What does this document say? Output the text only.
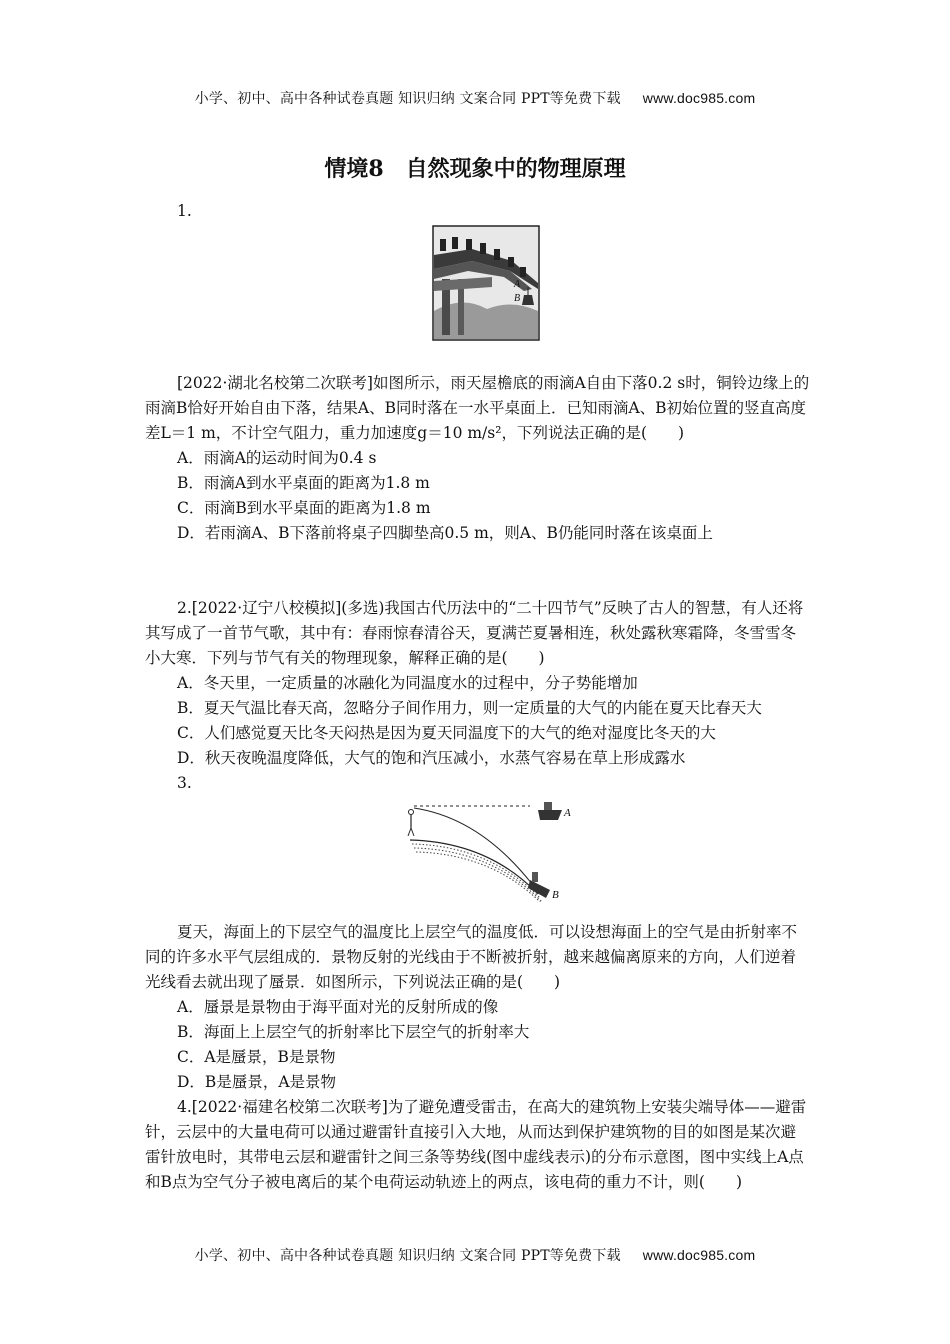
小学、初中、高中各种试卷真题 知识归纳 文案合同 PPT等免费下载 www.doc985.com
情境8　自然现象中的物理原理

1.

A
B

[2022·湖北名校第二次联考]如图所示，雨天屋檐底的雨滴A自由下落0.2 s时，铜铃边缘上的雨滴B恰好开始自由下落，结果A、B同时落在一水平桌面上．已知雨滴A、B初始位置的竖直高度差L＝1 m，不计空气阻力，重力加速度g＝10 m/s²，下列说法正确的是(　　)

A．雨滴A的运动时间为0.4 s

B．雨滴A到水平桌面的距离为1.8 m

C．雨滴B到水平桌面的距离为1.8 m

D．若雨滴A、B下落前将桌子四脚垫高0.5 m，则A、B仍能同时落在该桌面上

2.[2022·辽宁八校模拟](多选)我国古代历法中的“二十四节气”反映了古人的智慧，有人还将其写成了一首节气歌，其中有：春雨惊春清谷天，夏满芒夏暑相连，秋处露秋寒霜降，冬雪雪冬小大寒．下列与节气有关的物理现象，解释正确的是(　　)

A．冬天里，一定质量的冰融化为同温度水的过程中，分子势能增加

B．夏天气温比春天高，忽略分子间作用力，则一定质量的大气的内能在夏天比春天大

C．人们感觉夏天比冬天闷热是因为夏天同温度下的大气的绝对湿度比冬天的大

D．秋天夜晚温度降低，大气的饱和汽压减小，水蒸气容易在草上形成露水

3.

A
B

夏天，海面上的下层空气的温度比上层空气的温度低．可以设想海面上的空气是由折射率不同的许多水平气层组成的．景物反射的光线由于不断被折射，越来越偏离原来的方向，人们逆着光线看去就出现了蜃景．如图所示，下列说法正确的是(　　)

A．蜃景是景物由于海平面对光的反射所成的像

B．海面上上层空气的折射率比下层空气的折射率大

C．A是蜃景，B是景物

D．B是蜃景，A是景物

4.[2022·福建名校第二次联考]为了避免遭受雷击，在高大的建筑物上安装尖端导体——避雷针，云层中的大量电荷可以通过避雷针直接引入大地，从而达到保护建筑物的目的如图是某次避雷针放电时，其带电云层和避雷针之间三条等势线(图中虚线表示)的分布示意图，图中实线上A点和B点为空气分子被电离后的某个电荷运动轨迹上的两点，该电荷的重力不计，则(　　)

小学、初中、高中各种试卷真题 知识归纳 文案合同 PPT等免费下载 www.doc985.com
